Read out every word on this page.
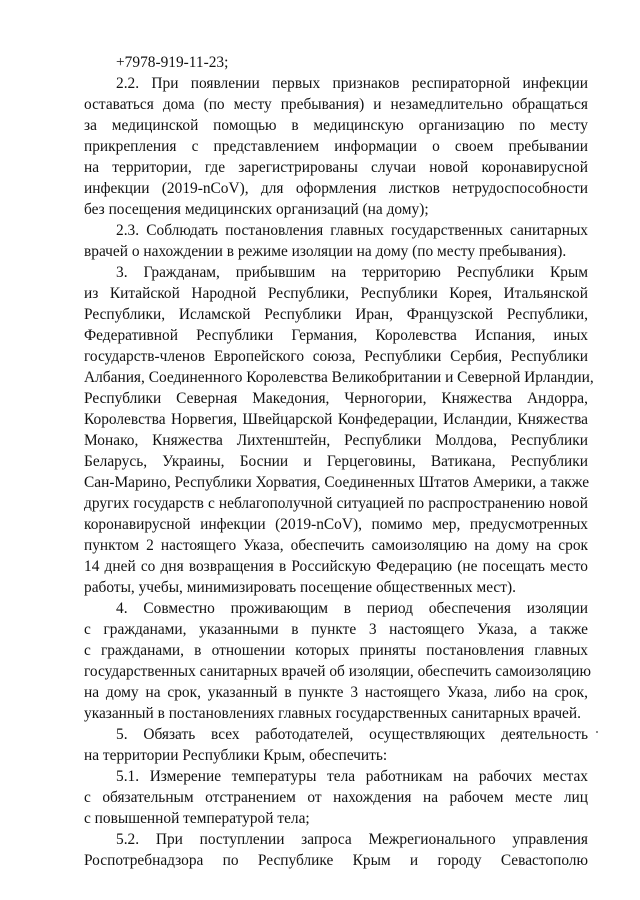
+7978-919-11-23;
2.2. При появлении первых признаков респираторной инфекции
оставаться дома (по месту пребывания) и незамедлительно обращаться
за медицинской помощью в медицинскую организацию по месту
прикрепления с представлением информации о своем пребывании
на территории, где зарегистрированы случаи новой коронавирусной
инфекции (2019-nCoV), для оформления листков нетрудоспособности
без посещения медицинских организаций (на дому);
2.3. Соблюдать постановления главных государственных санитарных
врачей о нахождении в режиме изоляции на дому (по месту пребывания).
3. Гражданам, прибывшим на территорию Республики Крым
из Китайской Народной Республики, Республики Корея, Итальянской
Республики, Исламской Республики Иран, Французской Республики,
Федеративной Республики Германия, Королевства Испания, иных
государств-членов Европейского союза, Республики Сербия, Республики
Албания, Соединенного Королевства Великобритании и Северной Ирландии,
Республики Северная Македония, Черногории, Княжества Андорра,
Королевства Норвегия, Швейцарской Конфедерации, Исландии, Княжества
Монако, Княжества Лихтенштейн, Республики Молдова, Республики
Беларусь, Украины, Боснии и Герцеговины, Ватикана, Республики
Сан-Марино, Республики Хорватия, Соединенных Штатов Америки, а также
других государств с неблагополучной ситуацией по распространению новой
коронавирусной инфекции (2019-nCoV), помимо мер, предусмотренных
пунктом 2 настоящего Указа, обеспечить самоизоляцию на дому на срок
14 дней со дня возвращения в Российскую Федерацию (не посещать место
работы, учебы, минимизировать посещение общественных мест).
4. Совместно проживающим в период обеспечения изоляции
с гражданами, указанными в пункте 3 настоящего Указа, а также
с гражданами, в отношении которых приняты постановления главных
государственных санитарных врачей об изоляции, обеспечить самоизоляцию
на дому на срок, указанный в пункте 3 настоящего Указа, либо на срок,
указанный в постановлениях главных государственных санитарных врачей.
5. Обязать всех работодателей, осуществляющих деятельность
на территории Республики Крым, обеспечить:
5.1. Измерение температуры тела работникам на рабочих местах
с обязательным отстранением от нахождения на рабочем месте лиц
с повышенной температурой тела;
5.2. При поступлении запроса Межрегионального управления
Роспотребнадзора по Республике Крым и городу Севастополю
